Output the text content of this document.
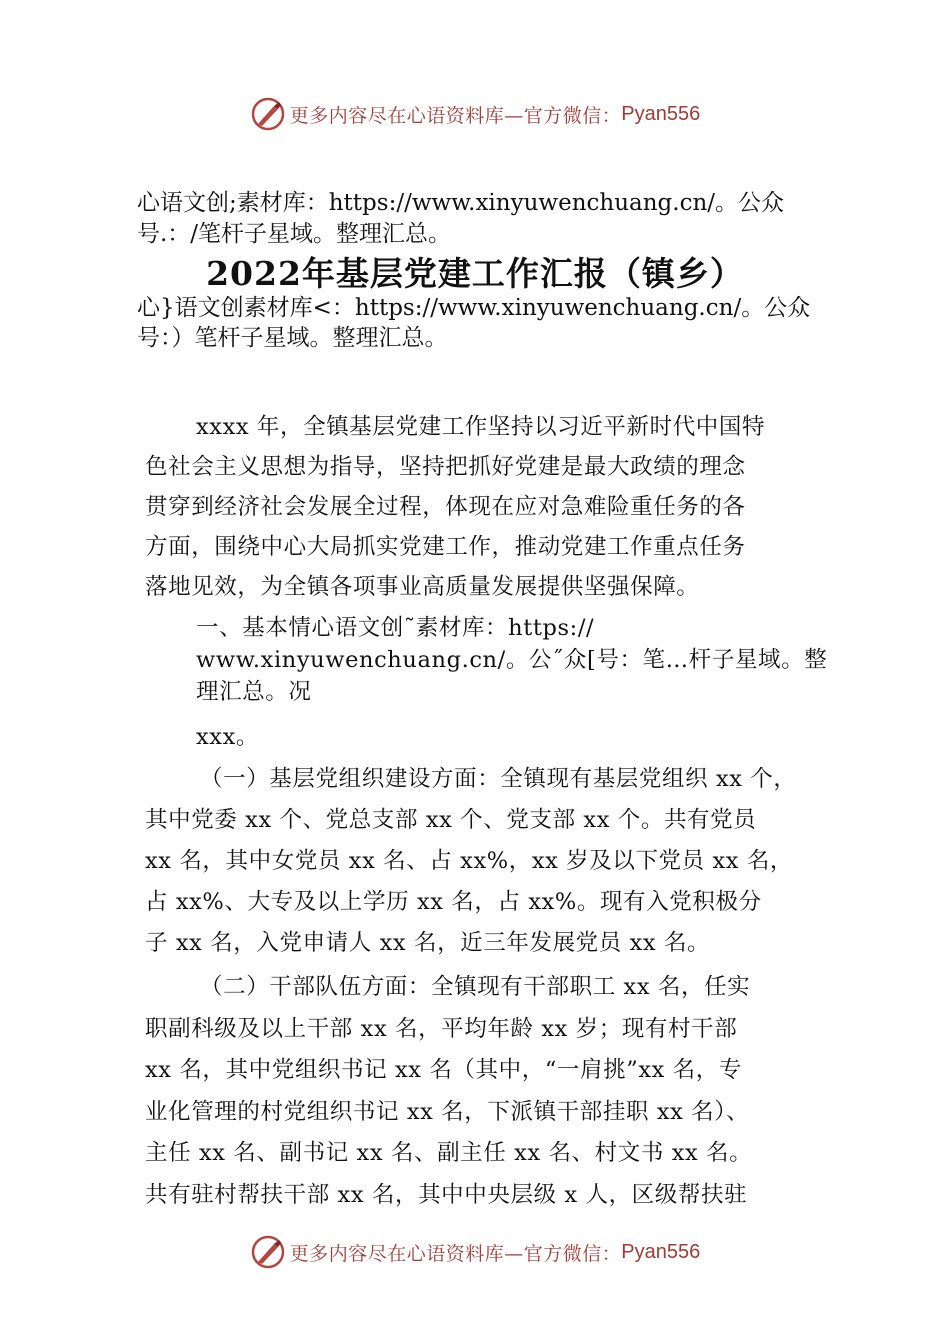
更多内容尽在心语资料库—官方微信： Pyan556
心语文创;素材库：https://www.xinyuwenchuang.cn/。公众
号.：/笔杆子星域。整理汇总。
2022年基层党建工作汇报（镇乡）
心}语文创素材库<：https://www.xinyuwenchuang.cn/。公众
号：）笔杆子星域。整理汇总。
xxxx 年，全镇基层党建工作坚持以习近平新时代中国特
色社会主义思想为指导，坚持把抓好党建是最大政绩的理念
贯穿到经济社会发展全过程，体现在应对急难险重任务的各
方面，围绕中心大局抓实党建工作，推动党建工作重点任务
落地见效，为全镇各项事业高质量发展提供坚强保障。
一、基本情心语文创˜素材库：https://
www.xinyuwenchuang.cn/。公˝众[号：笔…杆子星域。整
理汇总。况
xxx。
（一）基层党组织建设方面：全镇现有基层党组织 xx 个，
其中党委 xx 个、党总支部 xx 个、党支部 xx 个。共有党员
xx 名，其中女党员 xx 名、占 xx%，xx 岁及以下党员 xx 名，
占 xx%、大专及以上学历 xx 名，占 xx%。现有入党积极分
子 xx 名，入党申请人 xx 名，近三年发展党员 xx 名。
（二）干部队伍方面：全镇现有干部职工 xx 名，任实
职副科级及以上干部 xx 名，平均年龄 xx 岁；现有村干部
xx 名，其中党组织书记 xx 名（其中，“一肩挑”xx 名，专
业化管理的村党组织书记 xx 名，下派镇干部挂职 xx 名）、
主任 xx 名、副书记 xx 名、副主任 xx 名、村文书 xx 名。
共有驻村帮扶干部 xx 名，其中中央层级 x 人，区级帮扶驻
更多内容尽在心语资料库—官方微信： Pyan556
